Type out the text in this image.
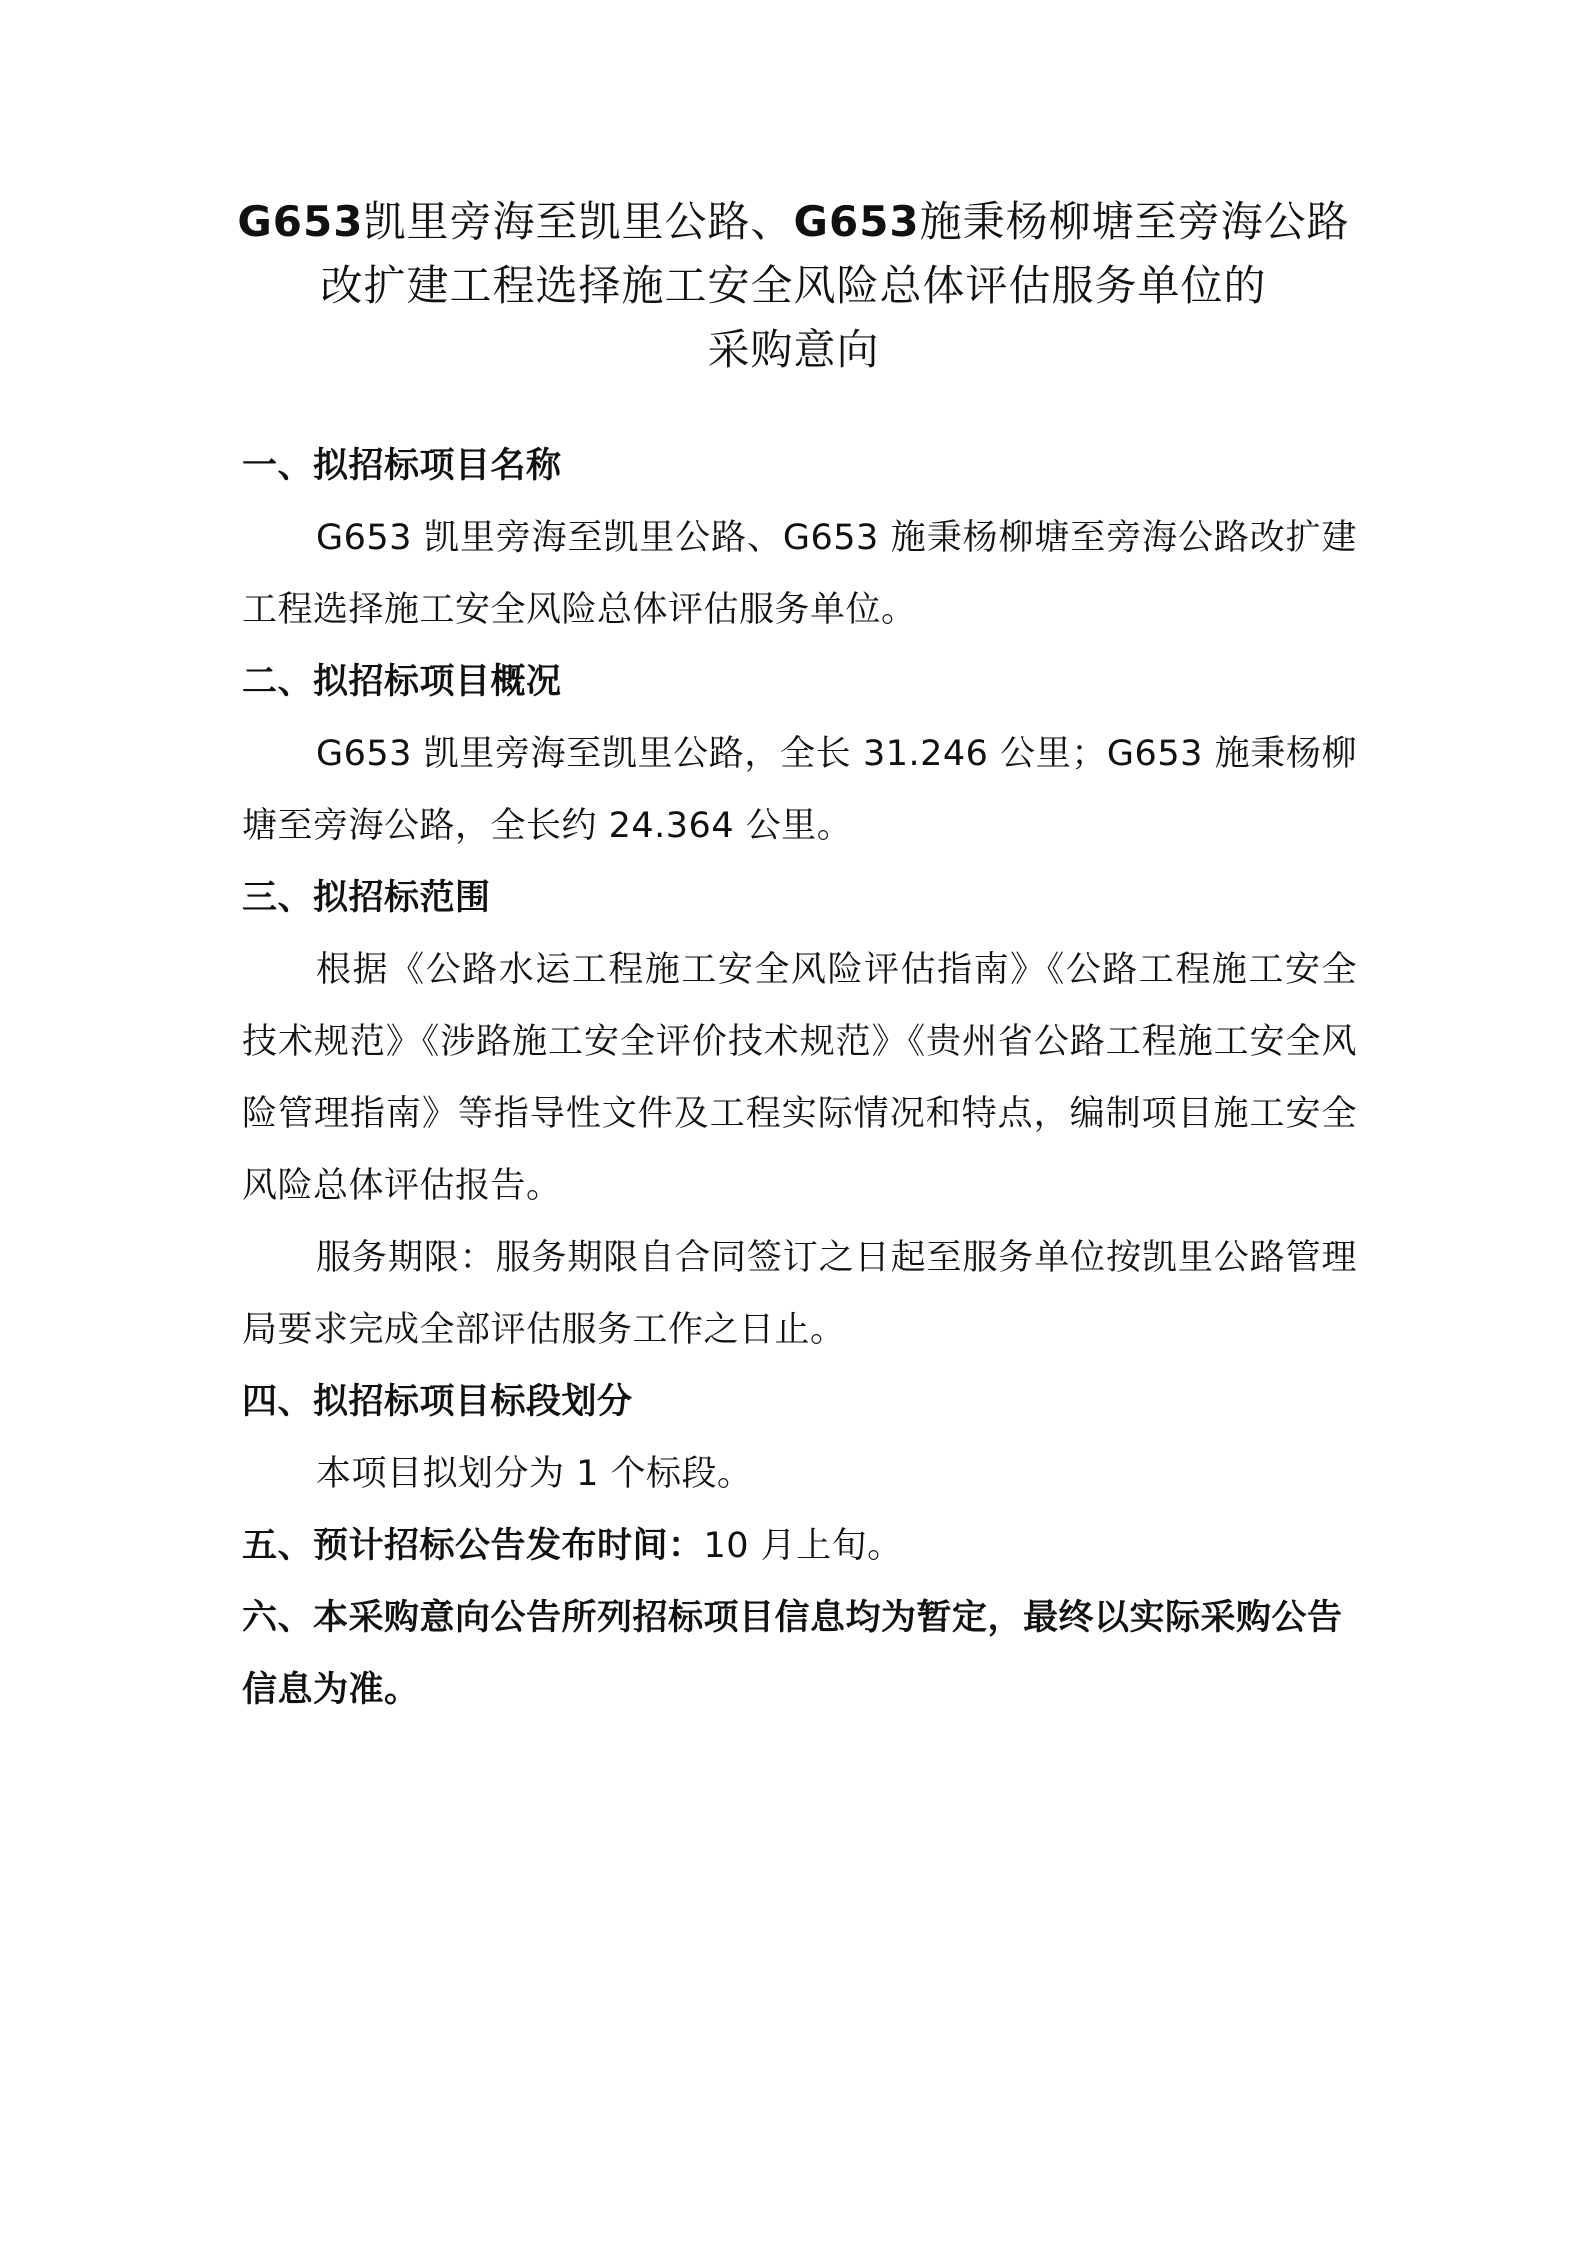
G653凯里旁海至凯里公路、G653施秉杨柳塘至旁海公路
改扩建工程选择施工安全风险总体评估服务单位的
采购意向
一、拟招标项目名称
G653 凯里旁海至凯里公路、G653 施秉杨柳塘至旁海公路改扩建工程选择施工安全风险总体评估服务单位。
二、拟招标项目概况
G653 凯里旁海至凯里公路，全长 31.246 公里；G653 施秉杨柳塘至旁海公路，全长约 24.364 公里。
三、拟招标范围
根据《公路水运工程施工安全风险评估指南》《公路工程施工安全技术规范》《涉路施工安全评价技术规范》《贵州省公路工程施工安全风险管理指南》等指导性文件及工程实际情况和特点，编制项目施工安全风险总体评估报告。
服务期限：服务期限自合同签订之日起至服务单位按凯里公路管理局要求完成全部评估服务工作之日止。
四、拟招标项目标段划分
本项目拟划分为 1 个标段。
五、预计招标公告发布时间：10 月上旬。
六、本采购意向公告所列招标项目信息均为暂定，最终以实际采购公告信息为准。
